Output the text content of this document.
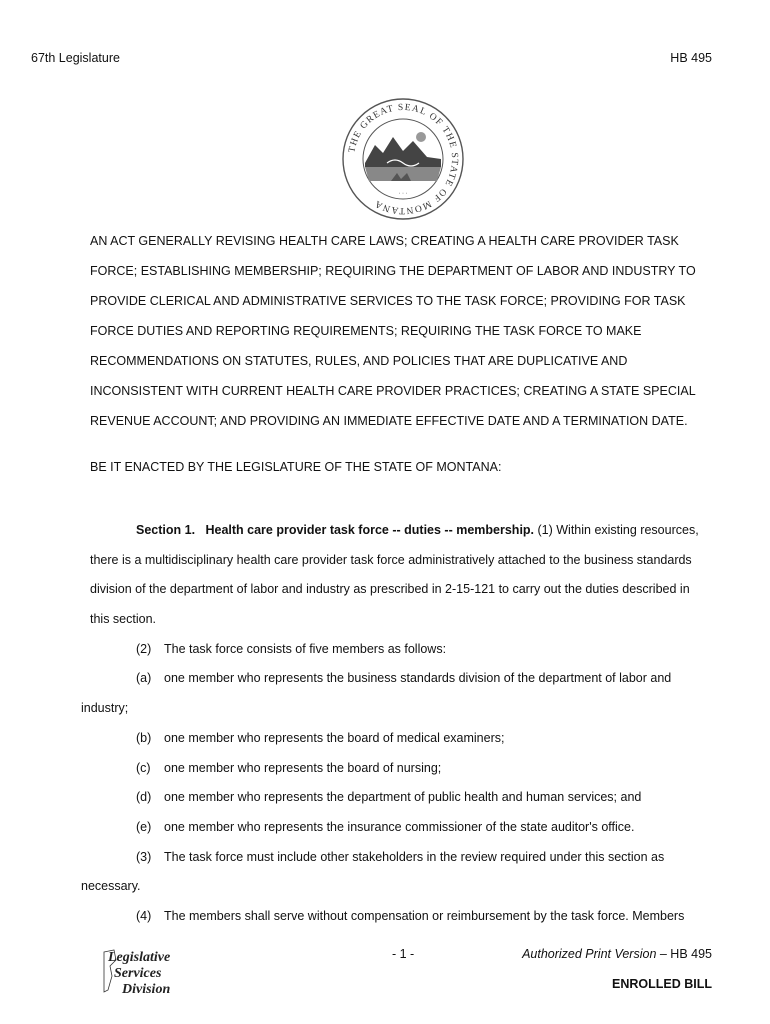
67th Legislature	HB 495
THE GREAT SEAL OF THE STATE OF MONTANA
· · ·
AN ACT GENERALLY REVISING HEALTH CARE LAWS; CREATING A HEALTH CARE PROVIDER TASK
FORCE; ESTABLISHING MEMBERSHIP; REQUIRING THE DEPARTMENT OF LABOR AND INDUSTRY TO
PROVIDE CLERICAL AND ADMINISTRATIVE SERVICES TO THE TASK FORCE; PROVIDING FOR TASK
FORCE DUTIES AND REPORTING REQUIREMENTS; REQUIRING THE TASK FORCE TO MAKE
RECOMMENDATIONS ON STATUTES, RULES, AND POLICIES THAT ARE DUPLICATIVE AND
INCONSISTENT WITH CURRENT HEALTH CARE PROVIDER PRACTICES; CREATING A STATE SPECIAL
REVENUE ACCOUNT; AND PROVIDING AN IMMEDIATE EFFECTIVE DATE AND A TERMINATION DATE.
BE IT ENACTED BY THE LEGISLATURE OF THE STATE OF MONTANA:
Section 1.   Health care provider task force -- duties -- membership. (1) Within existing resources,
there is a multidisciplinary health care provider task force administratively attached to the business standards
division of the department of labor and industry as prescribed in 2-15-121 to carry out the duties described in
this section.
(2) The task force consists of five members as follows:
(a) one member who represents the business standards division of the department of labor and
industry;
(b) one member who represents the board of medical examiners;
(c) one member who represents the board of nursing;
(d) one member who represents the department of public health and human services; and
(e) one member who represents the insurance commissioner of the state auditor's office.
(3) The task force must include other stakeholders in the review required under this section as
necessary.
(4) The members shall serve without compensation or reimbursement by the task force. Members
Legislative
Services
Division
- 1 -	Authorized Print Version – HB 495
ENROLLED BILL
